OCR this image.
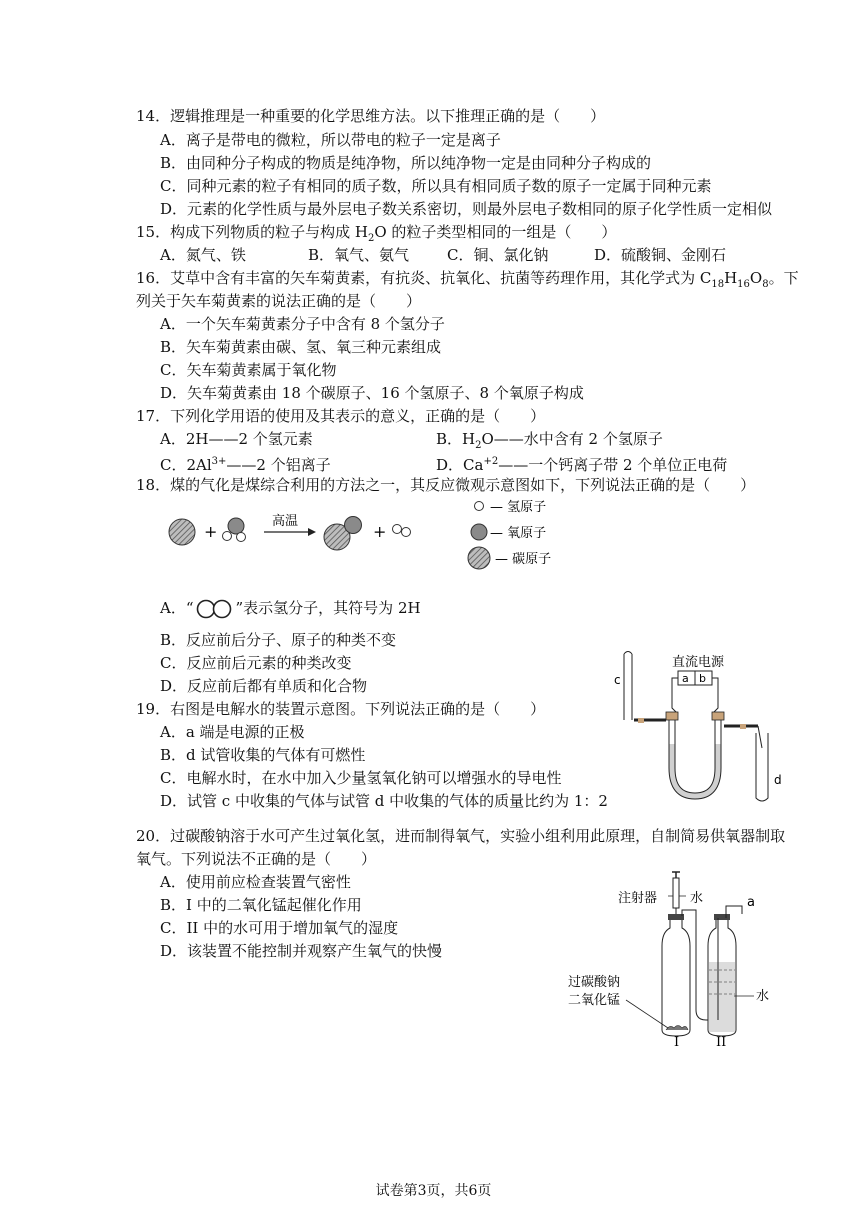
14．逻辑推理是一种重要的化学思维方法。以下推理正确的是（　　）
A．离子是带电的微粒，所以带电的粒子一定是离子
B．由同种分子构成的物质是纯净物，所以纯净物一定是由同种分子构成的
C．同种元素的粒子有相同的质子数，所以具有相同质子数的原子一定属于同种元素
D．元素的化学性质与最外层电子数关系密切，则最外层电子数相同的原子化学性质一定相似
15．构成下列物质的粒子与构成 $H_2O$ 的粒子类型相同的一组是（　　）
A．氮气、铁	B．氧气、氨气	C．铜、氯化钠	D．硫酸铜、金刚石
16．艾草中含有丰富的矢车菊黄素，有抗炎、抗氧化、抗菌等药理作用，其化学式为 $C_{18}H_{16}O_8$。下
列关于矢车菊黄素的说法正确的是（　　）
A．一个矢车菊黄素分子中含有 8 个氢分子
B．矢车菊黄素由碳、氢、氧三种元素组成
C．矢车菊黄素属于氧化物
D．矢车菊黄素由 18 个碳原子、16 个氢原子、8 个氧原子构成
17．下列化学用语的使用及其表示的意义，正确的是（　　）
A．2H——2 个氢元素	B．$H_2O——$水中含有 2 个氢原子
C．$2Al^{3+}——2$ 个铝离子	D．$Ca^{+2}——$一个钙离子带 2 个单位正电荷
18．煤的气化是煤综合利用的方法之一，其反应微观示意图如下，下列说法正确的是（　　）
+
高温
+
— 氢原子
— 氧原子
— 碳原子
A．“	”表示氢分子，其符号为 2H
B．反应前后分子、原子的种类不变
C．反应前后元素的种类改变
D．反应前后都有单质和化合物
19．右图是电解水的装置示意图。下列说法正确的是（　　）
A．a 端是电源的正极
B．d 试管收集的气体有可燃性
C．电解水时，在水中加入少量氢氧化钠可以增强水的导电性
D．试管 c 中收集的气体与试管 d 中收集的气体的质量比约为 1：2
直流电源
a b
c
d
20．过碳酸钠溶于水可产生过氧化氢，进而制得氧气，实验小组利用此原理，自制简易供氧器制取
氧气。下列说法不正确的是（　　）
A．使用前应检查装置气密性
B．I 中的二氧化锰起催化作用
C．II 中的水可用于增加氧气的湿度
D．该装置不能控制并观察产生氧气的快慢
注射器	水	a
过碳酸钠
二氧化锰	水
I	II
试卷第3页，共6页
